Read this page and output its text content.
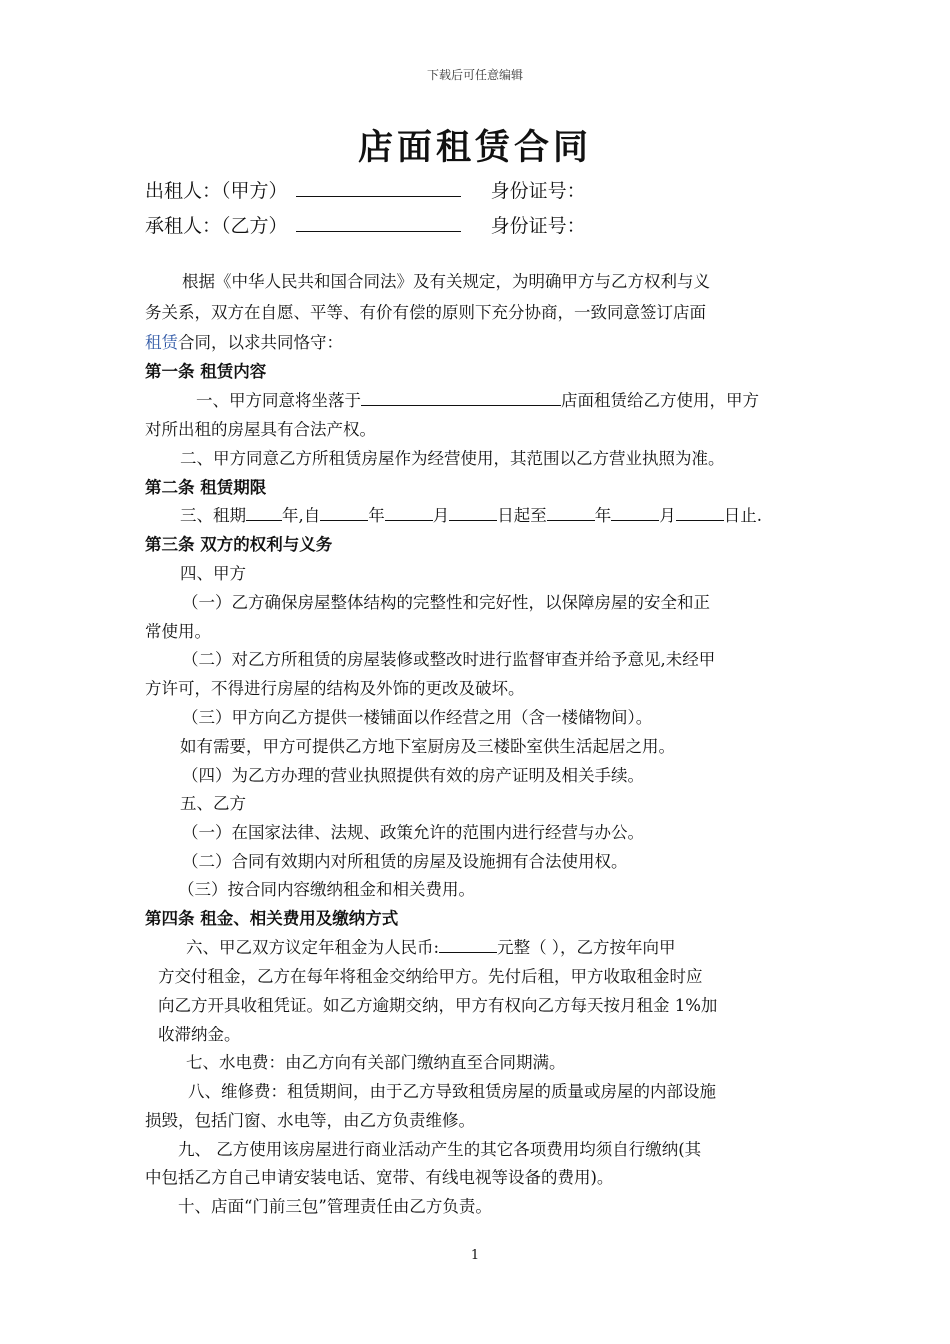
下载后可任意编辑
店面租赁合同
出租人：（甲方）	身份证号：
承租人：（乙方）	身份证号：
根据《中华人民共和国合同法》及有关规定，为明确甲方与乙方权利与义
务关系，双方在自愿、平等、有价有偿的原则下充分协商，一致同意签订店面
租赁合同，以求共同恪守：
第一条 租赁内容
一、甲方同意将坐落于	店面租赁给乙方使用，甲方
对所出租的房屋具有合法产权。
二、甲方同意乙方所租赁房屋作为经营使用，其范围以乙方营业执照为准。
第二条 租赁期限
三、租期 年,自	年	月	日起至	年	月	日止.
第三条 双方的权利与义务
四、甲方
（一）乙方确保房屋整体结构的完整性和完好性，以保障房屋的安全和正
常使用。
（二）对乙方所租赁的房屋装修或整改时进行监督审查并给予意见,未经甲
方许可，不得进行房屋的结构及外饰的更改及破坏。
（三）甲方向乙方提供一楼铺面以作经营之用（含一楼储物间）。
如有需要，甲方可提供乙方地下室厨房及三楼卧室供生活起居之用。
（四）为乙方办理的营业执照提供有效的房产证明及相关手续。
五、乙方
（一）在国家法律、法规、政策允许的范围内进行经营与办公。
（二）合同有效期内对所租赁的房屋及设施拥有合法使用权。
（三）按合同内容缴纳租金和相关费用。
第四条 租金、相关费用及缴纳方式
六、甲乙双方议定年租金为人民币:	元整（ ），乙方按年向甲
方交付租金，乙方在每年将租金交纳给甲方。先付后租，甲方收取租金时应
向乙方开具收租凭证。如乙方逾期交纳，甲方有权向乙方每天按月租金 1%加
收滞纳金。
七、水电费：由乙方向有关部门缴纳直至合同期满。
八、维修费：租赁期间，由于乙方导致租赁房屋的质量或房屋的内部设施
损毁，包括门窗、水电等，由乙方负责维修。
九、 乙方使用该房屋进行商业活动产生的其它各项费用均须自行缴纳(其
中包括乙方自己申请安装电话、宽带、有线电视等设备的费用)。
十、店面“门前三包”管理责任由乙方负责。
1
